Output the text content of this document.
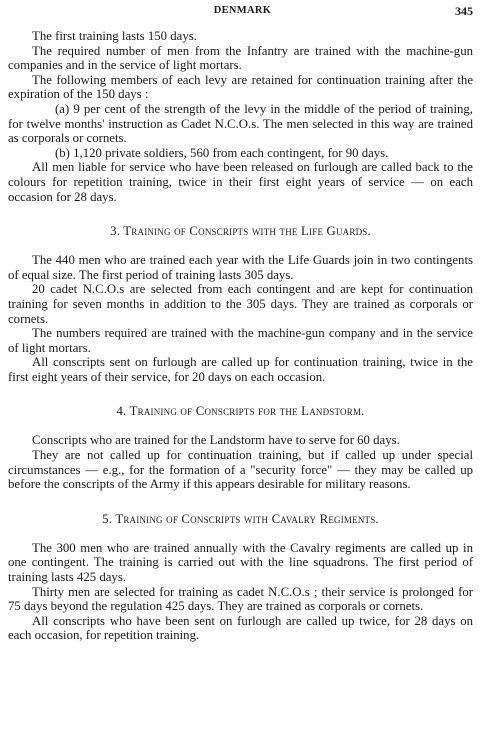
DENMARK	345

The first training lasts 150 days.

The required number of men from the Infantry are trained with the machine-gun companies and in the service of light mortars.

The following members of each levy are retained for continuation training after the expiration of the 150 days :

(a) 9 per cent of the strength of the levy in the middle of the period of training, for twelve months' instruction as Cadet N.C.O.s. The men selected in this way are trained as corporals or cornets.

(b) 1,120 private soldiers, 560 from each contingent, for 90 days.

All men liable for service who have been released on furlough are called back to the colours for repetition training, twice in their first eight years of service — on each occasion for 28 days.

3. Training of Conscripts with the Life Guards.

The 440 men who are trained each year with the Life Guards join in two contingents of equal size. The first period of training lasts 305 days.

20 cadet N.C.O.s are selected from each contingent and are kept for continuation training for seven months in addition to the 305 days. They are trained as corporals or cornets.

The numbers required are trained with the machine-gun company and in the service of light mortars.

All conscripts sent on furlough are called up for continuation training, twice in the first eight years of their service, for 20 days on each occasion.

4. Training of Conscripts for the Landstorm.

Conscripts who are trained for the Landstorm have to serve for 60 days.

They are not called up for continuation training, but if called up under special circumstances — e.g., for the formation of a "security force" — they may be called up before the conscripts of the Army if this appears desirable for military reasons.

5. Training of Conscripts with Cavalry Regiments.

The 300 men who are trained annually with the Cavalry regiments are called up in one contingent. The training is carried out with the line squadrons. The first period of training lasts 425 days.

Thirty men are selected for training as cadet N.C.O.s ; their service is prolonged for 75 days beyond the regulation 425 days. They are trained as corporals or cornets.

All conscripts who have been sent on furlough are called up twice, for 28 days on each occasion, for repetition training.
